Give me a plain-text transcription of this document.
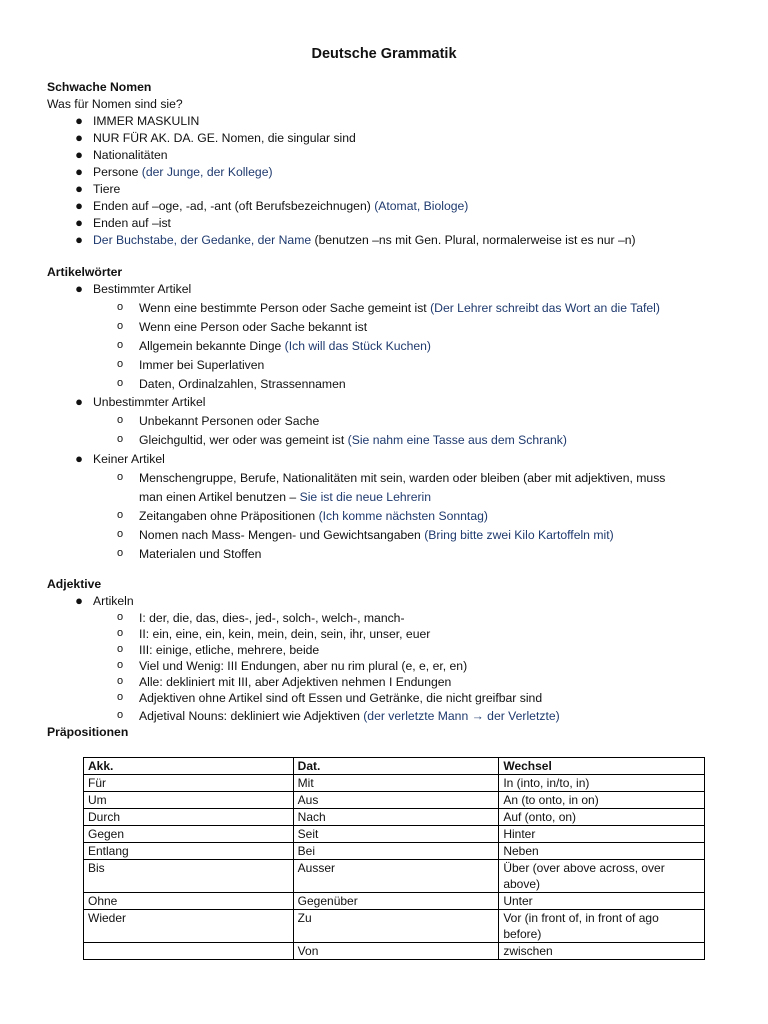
Deutsche Grammatik
Schwache Nomen
Was für Nomen sind sie?
● IMMER MASKULIN
● NUR FÜR AK. DA. GE. Nomen, die singular sind
● Nationalitäten
● Persone (der Junge, der Kollege)
● Tiere
● Enden auf –oge, -ad, -ant (oft Berufsbezeichnugen) (Atomat, Biologe)
● Enden auf –ist
● Der Buchstabe, der Gedanke, der Name (benutzen –ns mit Gen. Plural, normalerweise ist es nur –n)
Artikelwörter
● Bestimmter Artikel
o Wenn eine bestimmte Person oder Sache gemeint ist (Der Lehrer schreibt das Wort an die Tafel)
o Wenn eine Person oder Sache bekannt ist
o Allgemein bekannte Dinge (Ich will das Stück Kuchen)
o Immer bei Superlativen
o Daten, Ordinalzahlen, Strassennamen
● Unbestimmter Artikel
o Unbekannt Personen oder Sache
o Gleichgultid, wer oder was gemeint ist (Sie nahm eine Tasse aus dem Schrank)
● Keiner Artikel
o Menschengruppe, Berufe, Nationalitäten mit sein, warden oder bleiben (aber mit adjektiven, muss
man einen Artikel benutzen – Sie ist die neue Lehrerin
o Zeitangaben ohne Präpositionen (Ich komme nächsten Sonntag)
o Nomen nach Mass- Mengen- und Gewichtsangaben (Bring bitte zwei Kilo Kartoffeln mit)
o Materialen und Stoffen
Adjektive
● Artikeln
o I: der, die, das, dies-, jed-, solch-, welch-, manch-
o II: ein, eine, ein, kein, mein, dein, sein, ihr, unser, euer
o III: einige, etliche, mehrere, beide
o Viel und Wenig: III Endungen, aber nu rim plural (e, e, er, en)
o Alle: dekliniert mit III, aber Adjektiven nehmen I Endungen
o Adjektiven ohne Artikel sind oft Essen und Getränke, die nicht greifbar sind
o Adjetival Nouns: dekliniert wie Adjektiven (der verletzte Mann → der Verletzte)
Präpositionen
Akk.	Dat.	Wechsel
Für	Mit	In (into, in/to, in)
Um	Aus	An (to onto, in on)
Durch	Nach	Auf (onto, on)
Gegen	Seit	Hinter
Entlang	Bei	Neben
Bis	Ausser	Über (over above across, over above)
Ohne	Gegenüber	Unter
Wieder	Zu	Vor (in front of, in front of ago before)
	Von	zwischen
